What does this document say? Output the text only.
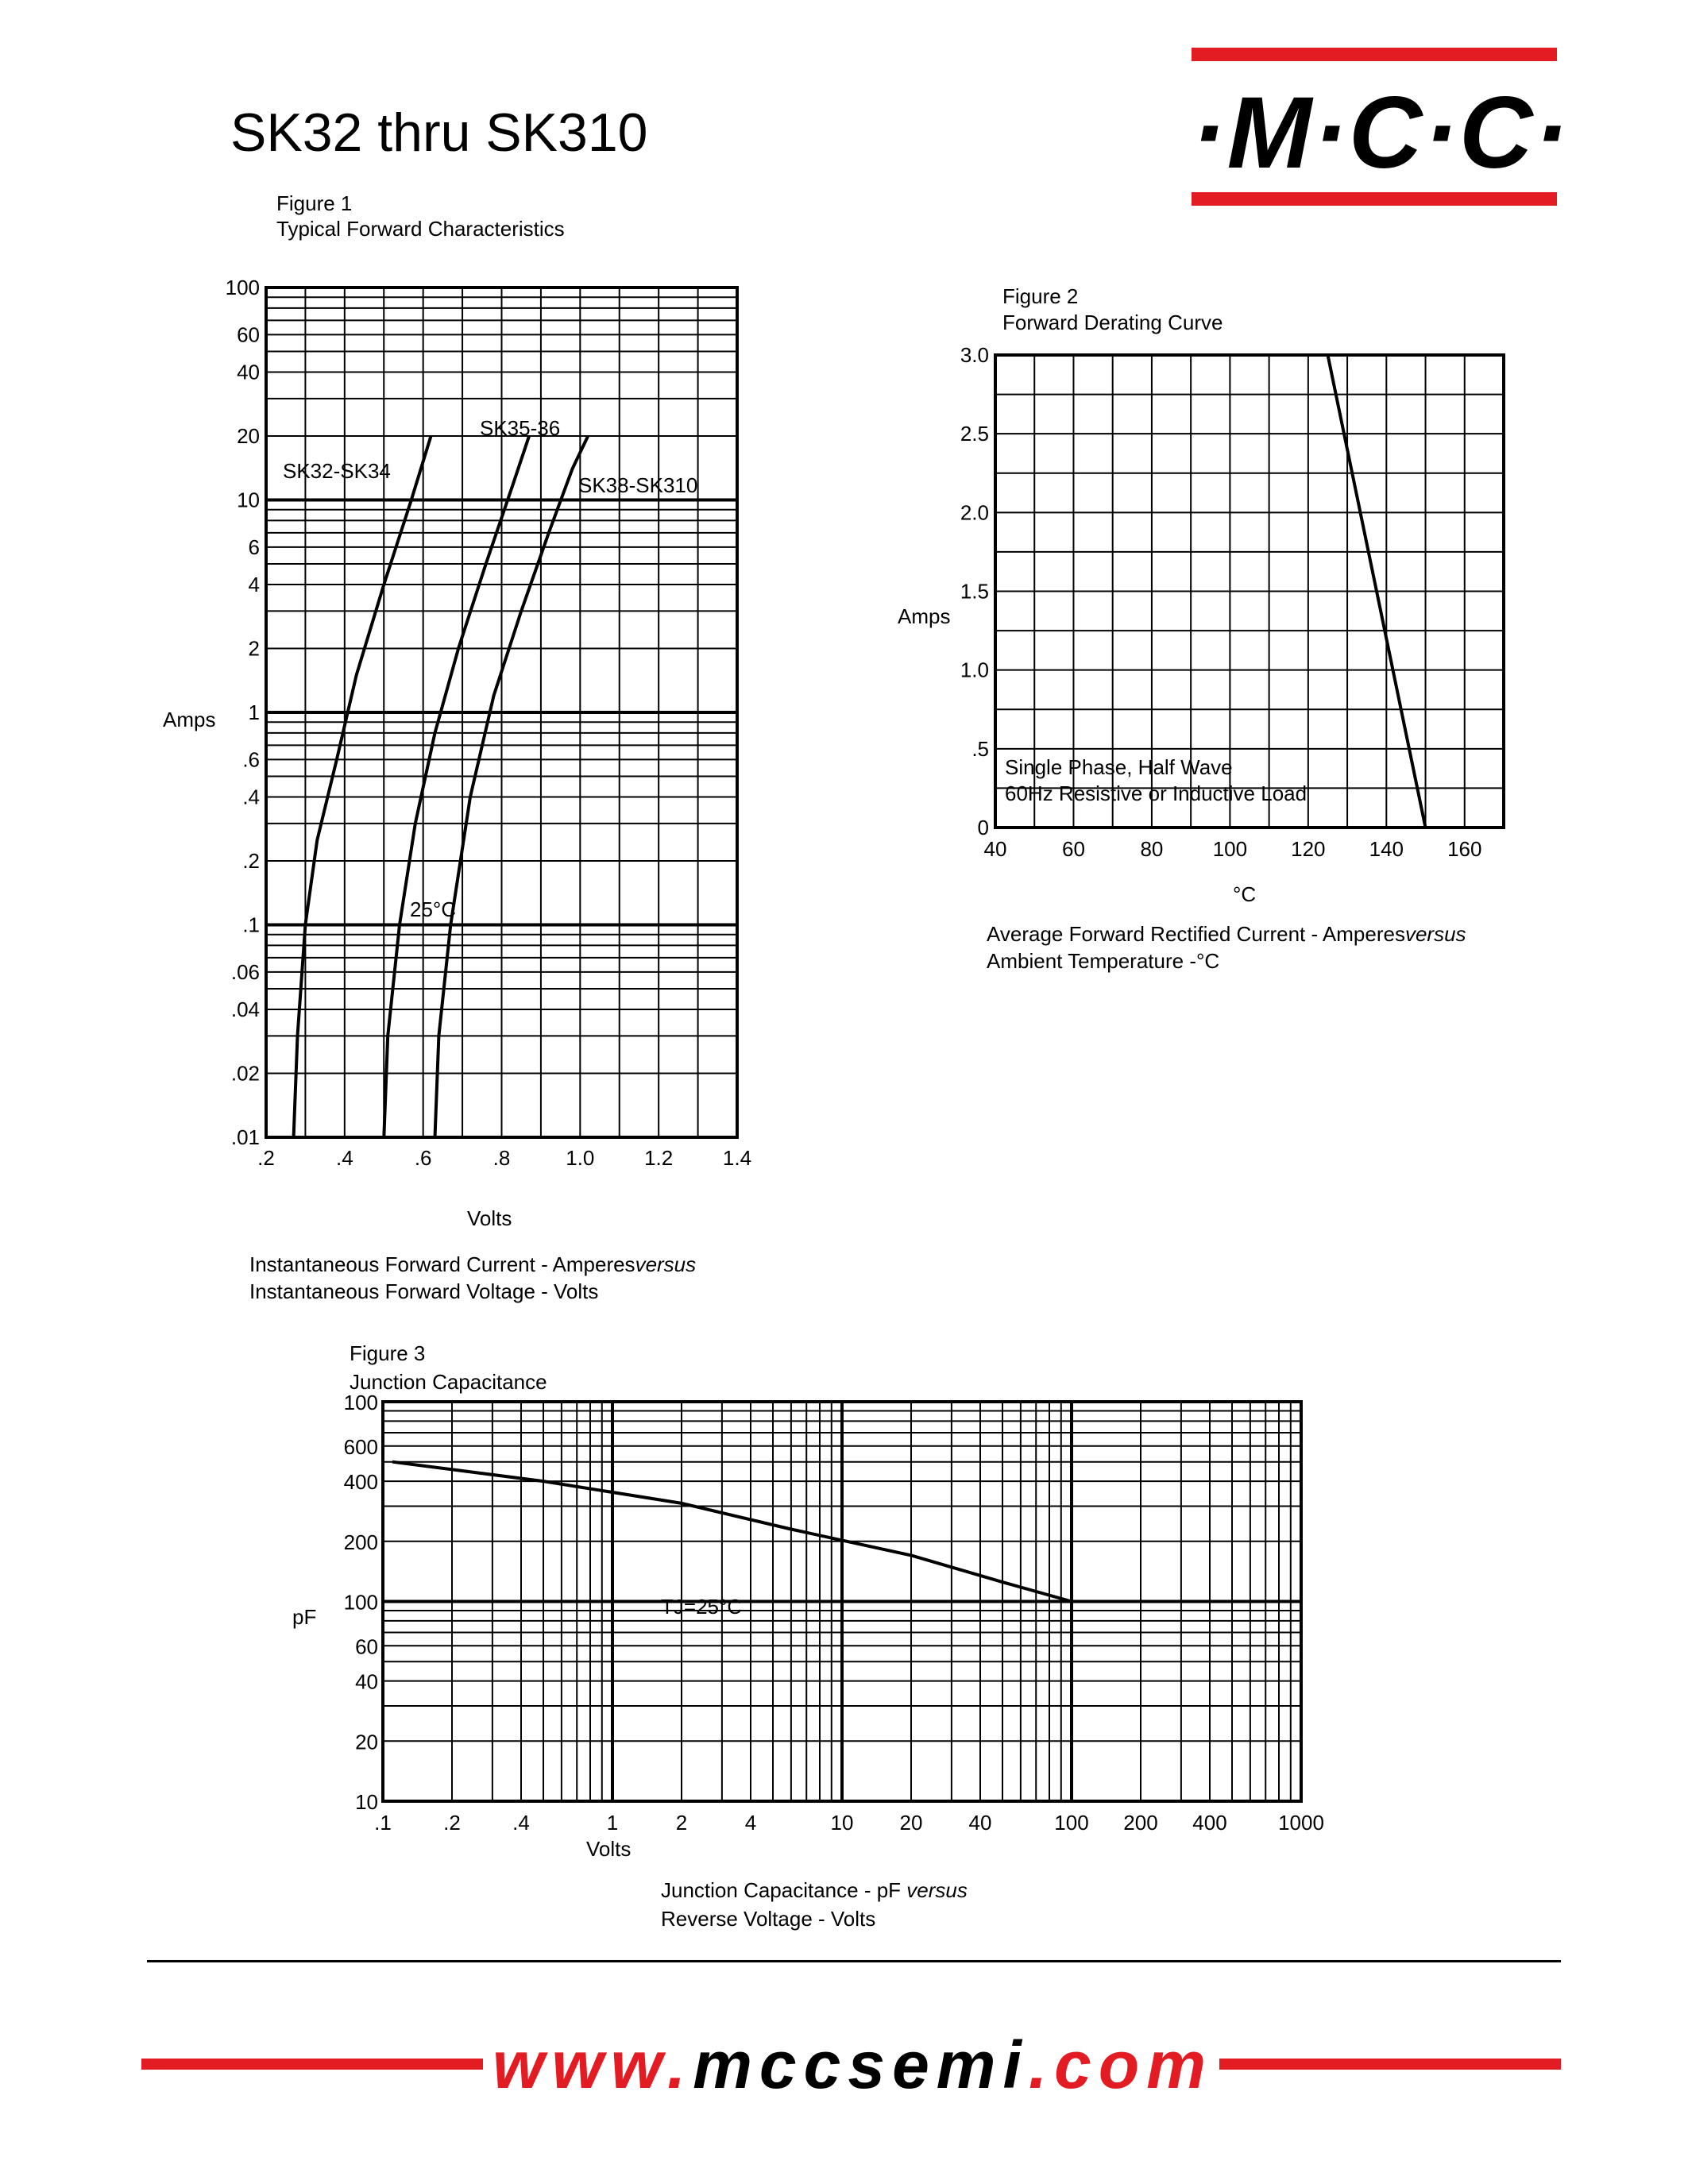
SK32 thru SK310	·M·C·C·
Figure 1
Typical Forward Characteristics
Amps
Volts
Instantaneous Forward Current - Amperesversus
Instantaneous Forward Voltage - Volts
Figure 2
Forward Derating Curve
Amps
°C
Average Forward Rectified Current - Amperesversus
Ambient Temperature -°C
Figure 3
Junction Capacitance
pF
Volts
Junction Capacitance - pF versus
Reverse Voltage - Volts
100
60
40
20
10
6
4
2
1
.6
.4
.2
.1
.06
.04
.02
.01
.2	.4	.6	.8	1.0 1.2 1.4
SK32-SK34
SK35-36
SK38-SK310
25°C
3.0
2.5
2.0
1.5
1.0
.5
0
40	60	80 100 120 140 160
Single Phase, Half Wave
60Hz Resistive or Inductive Load
100
600
400
200
100
60
40
20
10
.1	.2	.4	1	2	4	10 20 40	100 200 400 1000
TJ=25°C
www.mccsemi.com
